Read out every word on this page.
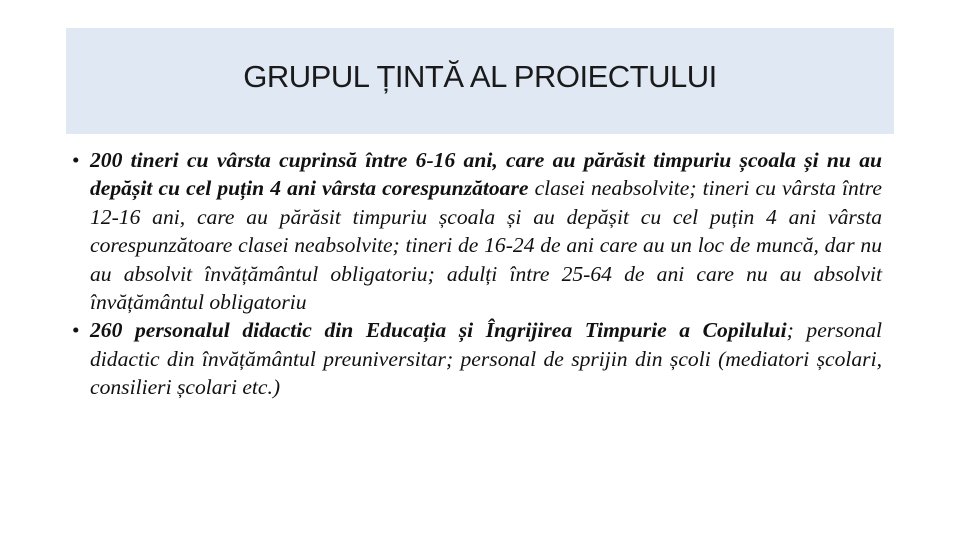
GRUPUL ȚINTĂ AL PROIECTULUI

• 200 tineri cu vârsta cuprinsă între 6-16 ani, care au părăsit timpuriu școala și nu au depășit cu cel puțin 4 ani vârsta corespunzătoare clasei neabsolvite; tineri cu vârsta între 12-16 ani, care au părăsit timpuriu școala și au depășit cu cel puțin 4 ani vârsta corespunzătoare clasei neabsolvite; tineri de 16-24 de ani care au un loc de muncă, dar nu au absolvit învățământul obligatoriu; adulți între 25-64 de ani care nu au absolvit învățământul obligatoriu

• 260 personalul didactic din Educația și Îngrijirea Timpurie a Copilului; personal didactic din învățământul preuniversitar; personal de sprijin din școli (mediatori școlari, consilieri școlari etc.)
